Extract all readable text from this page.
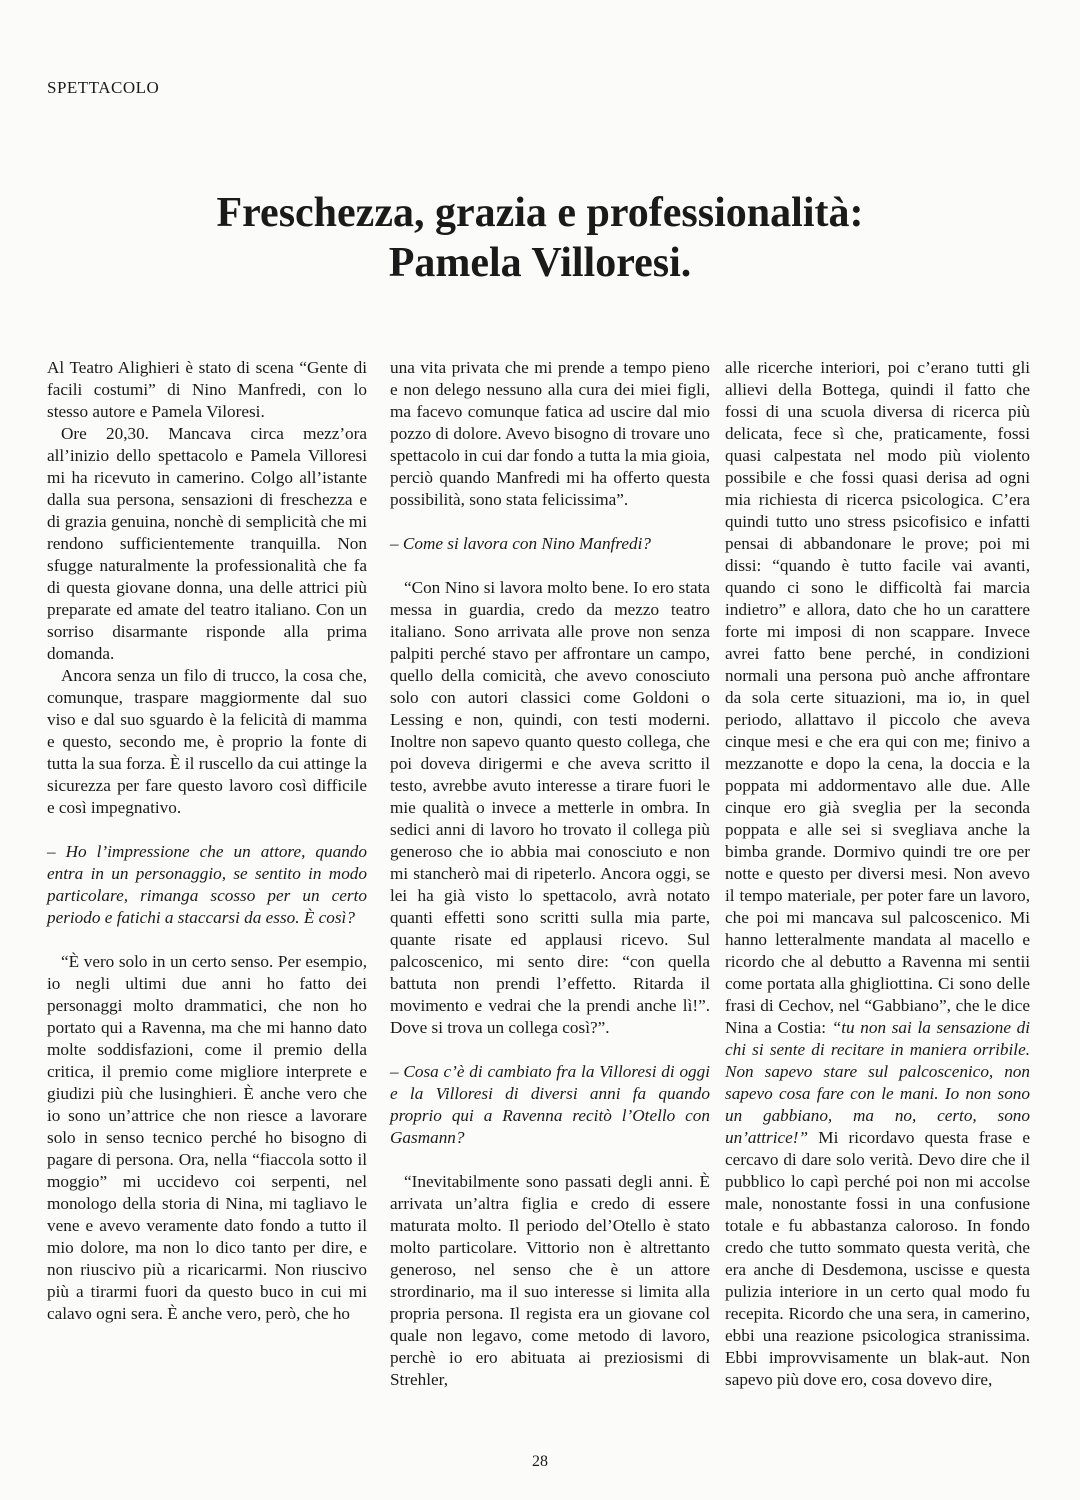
SPETTACOLO
Freschezza, grazia e professionalità:
Pamela Villoresi.

Al Teatro Alighieri è stato di scena “Gente di facili costumi” di Nino Manfredi, con lo stesso autore e Pamela Viloresi.

Ore 20,30. Mancava circa mezz’ora all’inizio dello spettacolo e Pamela Villoresi mi ha ricevuto in camerino. Colgo all’istante dalla sua persona, sensazioni di freschezza e di grazia genuina, nonchè di semplicità che mi rendono sufficientemente tranquilla. Non sfugge naturalmente la professionalità che fa di questa giovane donna, una delle attrici più preparate ed amate del teatro italiano. Con un sorriso disarmante risponde alla prima domanda.

Ancora senza un filo di trucco, la cosa che, comunque, traspare maggiormente dal suo viso e dal suo sguardo è la felicità di mamma e questo, secondo me, è proprio la fonte di tutta la sua forza. È il ruscello da cui attinge la sicurezza per fare questo lavoro così difficile e così impegnativo.

– Ho l’impressione che un attore, quando entra in un personaggio, se sentito in modo particolare, rimanga scosso per un certo periodo e fatichi a staccarsi da esso. È così?

“È vero solo in un certo senso. Per esempio, io negli ultimi due anni ho fatto dei personaggi molto drammatici, che non ho portato qui a Ravenna, ma che mi hanno dato molte soddisfazioni, come il premio della critica, il premio come migliore interprete e giudizi più che lusinghieri. È anche vero che io sono un’attrice che non riesce a lavorare solo in senso tecnico perché ho bisogno di pagare di persona. Ora, nella “fiaccola sotto il moggio” mi uccidevo coi serpenti, nel monologo della storia di Nina, mi tagliavo le vene e avevo veramente dato fondo a tutto il mio dolore, ma non lo dico tanto per dire, e non riuscivo più a ricaricarmi. Non riuscivo più a tirarmi fuori da questo buco in cui mi calavo ogni sera. È anche vero, però, che ho

una vita privata che mi prende a tempo pieno e non delego nessuno alla cura dei miei figli, ma facevo comunque fatica ad uscire dal mio pozzo di dolore. Avevo bisogno di trovare uno spettacolo in cui dar fondo a tutta la mia gioia, perciò quando Manfredi mi ha offerto questa possibilità, sono stata felicissima”.

– Come si lavora con Nino Manfredi?

“Con Nino si lavora molto bene. Io ero stata messa in guardia, credo da mezzo teatro italiano. Sono arrivata alle prove non senza palpiti perché stavo per affrontare un campo, quello della comicità, che avevo conosciuto solo con autori classici come Goldoni o Lessing e non, quindi, con testi moderni. Inoltre non sapevo quanto questo collega, che poi doveva dirigermi e che aveva scritto il testo, avrebbe avuto interesse a tirare fuori le mie qualità o invece a metterle in ombra. In sedici anni di lavoro ho trovato il collega più generoso che io abbia mai conosciuto e non mi stancherò mai di ripeterlo. Ancora oggi, se lei ha già visto lo spettacolo, avrà notato quanti effetti sono scritti sulla mia parte, quante risate ed applausi ricevo. Sul palcoscenico, mi sento dire: “con quella battuta non prendi l’effetto. Ritarda il movimento e vedrai che la prendi anche lì!”. Dove si trova un collega così?”.

– Cosa c’è di cambiato fra la Villoresi di oggi e la Villoresi di diversi anni fa quando proprio qui a Ravenna recitò l’Otello con Gasmann?

“Inevitabilmente sono passati degli anni. È arrivata un’altra figlia e credo di essere maturata molto. Il periodo del’Otello è stato molto particolare. Vittorio non è altrettanto generoso, nel senso che è un attore strordinario, ma il suo interesse si limita alla propria persona. Il regista era un giovane col quale non legavo, come metodo di lavoro, perchè io ero abituata ai preziosismi di Strehler,

alle ricerche interiori, poi c’erano tutti gli allievi della Bottega, quindi il fatto che fossi di una scuola diversa di ricerca più delicata, fece sì che, praticamente, fossi quasi calpestata nel modo più violento possibile e che fossi quasi derisa ad ogni mia richiesta di ricerca psicologica. C’era quindi tutto uno stress psicofisico e infatti pensai di abbandonare le prove; poi mi dissi: “quando è tutto facile vai avanti, quando ci sono le difficoltà fai marcia indietro” e allora, dato che ho un carattere forte mi imposi di non scappare. Invece avrei fatto bene perché, in condizioni normali una persona può anche affrontare da sola certe situazioni, ma io, in quel periodo, allattavo il piccolo che aveva cinque mesi e che era qui con me; finivo a mezzanotte e dopo la cena, la doccia e la poppata mi addormentavo alle due. Alle cinque ero già sveglia per la seconda poppata e alle sei si svegliava anche la bimba grande. Dormivo quindi tre ore per notte e questo per diversi mesi. Non avevo il tempo materiale, per poter fare un lavoro, che poi mi mancava sul palcoscenico. Mi hanno letteralmente mandata al macello e ricordo che al debutto a Ravenna mi sentii come portata alla ghigliottina. Ci sono delle frasi di Cechov, nel “Gabbiano”, che le dice Nina a Costia: “tu non sai la sensazione di chi si sente di recitare in maniera orribile. Non sapevo stare sul palcoscenico, non sapevo cosa fare con le mani. Io non sono un gabbiano, ma no, certo, sono un’attrice!” Mi ricordavo questa frase e cercavo di dare solo verità. Devo dire che il pubblico lo capì perché poi non mi accolse male, nonostante fossi in una confusione totale e fu abbastanza caloroso. In fondo credo che tutto sommato questa verità, che era anche di Desdemona, uscisse e questa pulizia interiore in un certo qual modo fu recepita. Ricordo che una sera, in camerino, ebbi una reazione psicologica stranissima. Ebbi improvvisamente un blak-aut. Non sapevo più dove ero, cosa dovevo dire,

28
